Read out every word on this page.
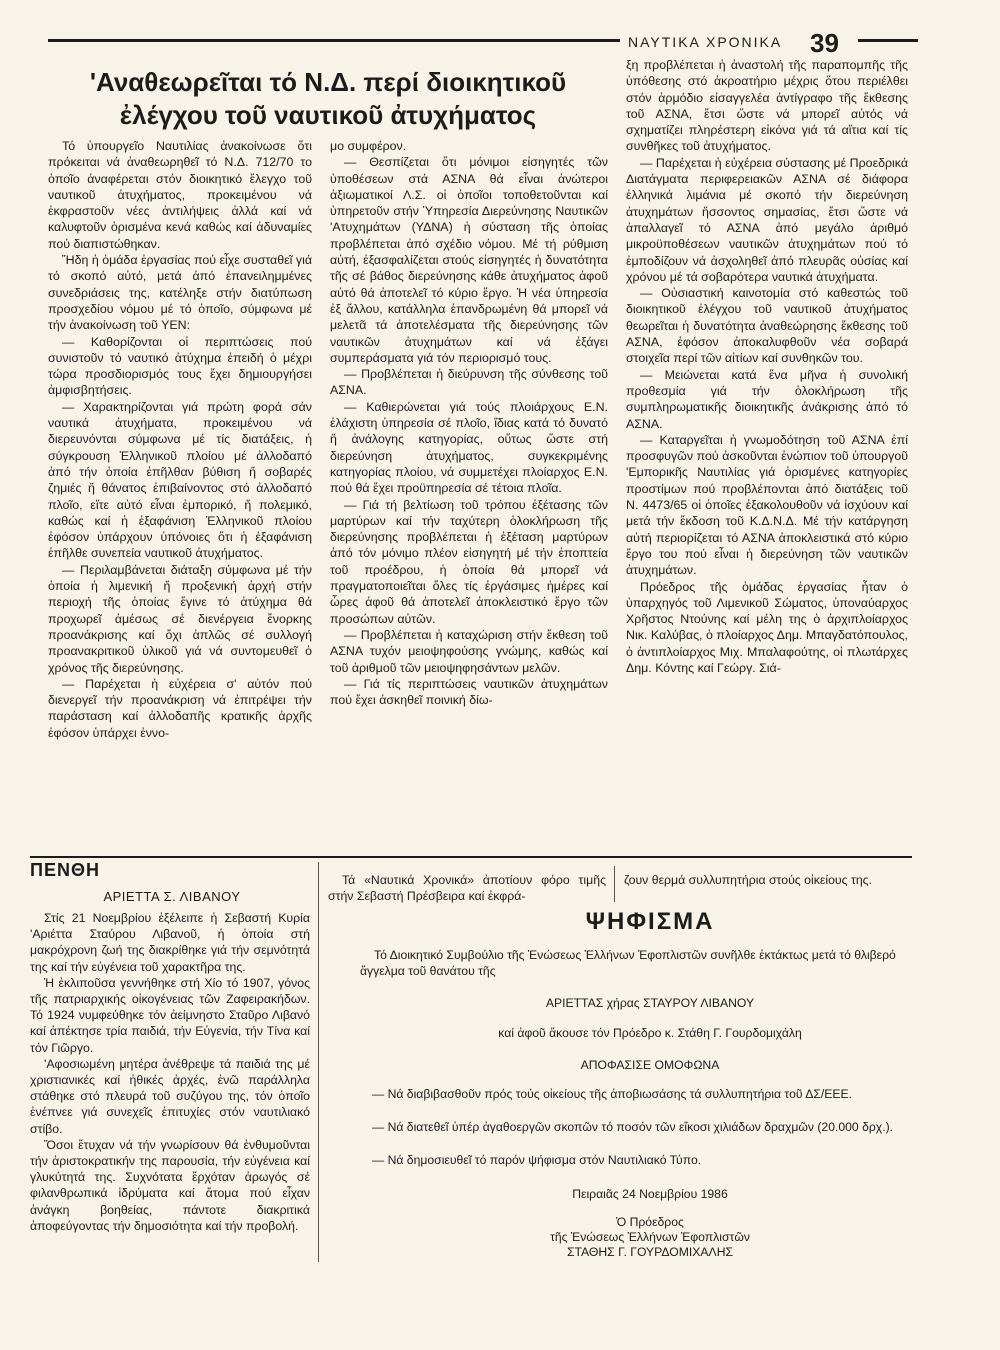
ΝΑΥΤΙΚΑ ΧΡΟΝΙΚΑ 39
'Αναθεωρεῖται τό Ν.Δ. περί διοικητικοῦ
ἐλέγχου τοῦ ναυτικοῦ ἀτυχήματος

Τό ὑπουργεῖο Ναυτιλίας ἀνακοίνωσε ὅτι πρόκειται νά ἀναθεωρηθεῖ τό Ν.Δ. 712/70 το ὁποῖο ἀναφέρεται στόν διοικητικό ἔλεγχο τοῦ ναυτικοῦ ἀτυχήματος, προκειμένου νά ἐκφραστοῦν νέες ἀντιλήψεις ἀλλά καί νά καλυφτοῦν ὁρισμένα κενά καθώς καί ἀδυναμίες πού διαπιστώθηκαν.

Ἤδη ἡ ὁμάδα ἐργασίας πού εἶχε συσταθεῖ γιά τό σκοπό αὐτό, μετά ἀπό ἐπανειλημμένες συνεδριάσεις της, κατέληξε στήν διατύπωση προσχεδίου νόμου μέ τό ὁποῖο, σύμφωνα μέ τήν ἀνακοίνωση τοῦ ΥΕΝ:

— Καθορίζονται οἱ περιπτώσεις πού συνιστοῦν τό ναυτικό ἀτύχημα ἐπειδή ὁ μέχρι τώρα προσδιορισμός τους ἔχει δημιουργήσει ἀμφισβητήσεις.

— Χαρακτηρίζονται γιά πρώτη φορά σάν ναυτικά ἀτυχήματα, προκειμένου νά διερευνόνται σύμφωνα μέ τίς διατάξεις, ἡ σύγκρουση Ἑλληνικοῦ πλοίου μέ ἀλλοδαπό ἀπό τήν ὁποία ἐπῆλθαν βύθιση ἤ σοβαρές ζημιές ἤ θάνατος ἐπιβαίνοντος στό ἀλλοδαπό πλοῖο, εἴτε αὐτό εἶναι ἐμπορικό, ἤ πολεμικό, καθώς καί ἡ ἐξαφάνιση Ἑλληνικοῦ πλοίου ἐφόσον ὑπάρχουν ὑπόνοιες ὅτι ἡ ἐξαφάνιση ἐπῆλθε συνεπεία ναυτικοῦ ἀτυχήματος.

— Περιλαμβάνεται διάταξη σύμφωνα μέ τήν ὁποία ἡ λιμενική ἤ προξενική ἀρχή στήν περιοχή τῆς ὁποίας ἔγινε τό ἀτύχημα θά προχωρεῖ ἀμέσως σέ διενέργεια ἔνορκης προανάκρισης καί ὄχι ἁπλῶς σέ συλλογή προανακριτικοῦ ὑλικοῦ γιά νά συντομευθεῖ ὁ χρόνος τῆς διερεύνησης.

— Παρέχεται ἡ εὐχέρεια σ' αὐτόν πού διενεργεῖ τήν προανάκριση νά ἐπιτρέψει τήν παράσταση καί ἀλλοδαπῆς κρατικῆς ἀρχῆς ἐφόσον ὑπάρχει ἐννο-

μο συμφέρον.

— Θεσπίζεται ὅτι μόνιμοι εἰσηγητές τῶν ὑποθέσεων στά ΑΣΝΑ θά εἶναι ἀνώτεροι ἀξιωματικοί Λ.Σ. οἱ ὁποῖοι τοποθετοῦνται καί ὑπηρετοῦν στήν Ὑπηρεσία Διερεύνησης Ναυτικῶν 'Ατυχημάτων (ΥΔΝΑ) ἡ σύσταση τῆς ὁποίας προβλέπεται ἀπό σχέδιο νόμου. Μέ τή ρύθμιση αὐτή, ἐξασφαλίζεται στούς εἰσηγητές ἡ δυνατότητα τῆς σέ βάθος διερεύνησης κάθε ἀτυχήματος ἀφοῦ αὐτό θά ἀποτελεῖ τό κύριο ἔργο. Ἡ νέα ὑπηρεσία ἐξ ἄλλου, κατάλληλα ἐπανδρωμένη θά μπορεῖ νά μελετᾶ τά ἀποτελέσματα τῆς διερεύνησης τῶν ναυτικῶν ἀτυχημάτων καί νά ἐξάγει συμπεράσματα γιά τόν περιορισμό τους.

— Προβλέπεται ἡ διεύρυνση τῆς σύνθεσης τοῦ ΑΣΝΑ.

— Καθιερώνεται γιά τούς πλοιάρχους Ε.Ν. ἐλάχιστη ὑπηρεσία σέ πλοῖο, ἴδιας κατά τό δυνατό ἤ ἀνάλογης κατηγορίας, οὕτως ὥστε στή διερεύνηση ἀτυχήματος, συγκεκριμένης κατηγορίας πλοίου, νά συμμετέχει πλοίαρχος Ε.Ν. πού θά ἔχει προϋπηρεσία σέ τέτοια πλοῖα.

— Γιά τή βελτίωση τοῦ τρόπου ἐξέτασης τῶν μαρτύρων καί τήν ταχύτερη ὁλοκλήρωση τῆς διερεύνησης προβλέπεται ἡ ἐξέταση μαρτύρων ἀπό τόν μόνιμο πλέον εἰσηγητή μέ τήν ἐποπτεία τοῦ προέδρου, ἡ ὁποία θά μπορεῖ νά πραγματοποιεῖται ὅλες τίς ἐργάσιμες ἡμέρες καί ὧρες ἀφοῦ θά ἀποτελεῖ ἀποκλειστικό ἔργο τῶν προσώπων αὐτῶν.

— Προβλέπεται ἡ καταχώριση στήν ἔκθεση τοῦ ΑΣΝΑ τυχόν μειοψηφούσης γνώμης, καθώς καί τοῦ ἀριθμοῦ τῶν μειοψηφησάντων μελῶν.

— Γιά τίς περιπτώσεις ναυτικῶν ἀτυχημάτων πού ἔχει ἀσκηθεῖ ποινική δίω-

ξη προβλέπεται ἡ ἀναστολή τῆς παραπομπῆς τῆς ὑπόθεσης στό ἀκροατήριο μέχρις ὅτου περιέλθει στόν ἁρμόδιο εἰσαγγελέα ἀντίγραφο τῆς ἔκθεσης τοῦ ΑΣΝΑ, ἔτσι ὥστε νά μπορεῖ αὐτός νά σχηματίζει πληρέστερη εἰκόνα γιά τά αἴτια καί τίς συνθῆκες τοῦ ἀτυχήματος.

— Παρέχεται ἡ εὐχέρεια σύστασης μέ Προεδρικά Διατάγματα περιφερειακῶν ΑΣΝΑ σέ διάφορα ἑλληνικά λιμάνια μέ σκοπό τήν διερεύνηση ἀτυχημάτων ἥσσοντος σημασίας, ἔτσι ὥστε νά ἀπαλλαγεῖ τό ΑΣΝΑ ἀπό μεγάλο ἀριθμό μικροϋποθέσεων ναυτικῶν ἀτυχημάτων πού τό ἐμποδίζουν νά ἀσχοληθεῖ ἀπό πλευρᾶς οὐσίας καί χρόνου μέ τά σοβαρότερα ναυτικά ἀτυχήματα.

— Οὐσιαστική καινοτομία στό καθεστώς τοῦ διοικητικοῦ ἐλέγχου τοῦ ναυτικοῦ ἀτυχήματος θεωρεῖται ἡ δυνατότητα ἀναθεώρησης ἔκθεσης τοῦ ΑΣΝΑ, ἐφόσον ἀποκαλυφθοῦν νέα σοβαρά στοιχεῖα περί τῶν αἰτίων καί συνθηκῶν του.

— Μειώνεται κατά ἕνα μῆνα ἡ συνολική προθεσμία γιά τήν ὁλοκλήρωση τῆς συμπληρωματικῆς διοικητικῆς ἀνάκρισης ἀπό τό ΑΣΝΑ.

— Καταργεῖται ἡ γνωμοδότηση τοῦ ΑΣΝΑ ἐπί προσφυγῶν πού ἀσκοῦνται ἐνώπιον τοῦ ὑπουργοῦ 'Εμπορικῆς Ναυτιλίας γιά ὁρισμένες κατηγορίες προστίμων πού προβλέπονται ἀπό διατάξεις τοῦ Ν. 4473/65 οἱ ὁποῖες ἐξακολουθοῦν νά ἰσχύουν καί μετά τήν ἔκδοση τοῦ Κ.Δ.Ν.Δ. Μέ τήν κατάργηση αὐτή περιορίζεται τό ΑΣΝΑ ἀποκλειστικά στό κύριο ἔργο του πού εἶναι ἡ διερεύνηση τῶν ναυτικῶν ἀτυχημάτων.

Πρόεδρος τῆς ὁμάδας ἐργασίας ἦταν ὁ ὑπαρχηγός τοῦ Λιμενικοῦ Σώματος, ὑποναύαρχος Χρῆστος Ντούνης καί μέλη της ὁ ἀρχιπλοίαρχος Νικ. Καλύβας, ὁ πλοίαρχος Δημ. Μπαγδατόπουλος, ὁ ἀντιπλοίαρχος Μιχ. Μπαλαφούτης, οἱ πλωτάρχες Δημ. Κόντης καί Γεώργ. Σιά-

ΠΕΝΘΗ
ΑΡΙΕΤΤΑ Σ. ΛΙΒΑΝΟΥ

Στίς 21 Νοεμβρίου ἐξέλειπε ἡ Σεβαστή Κυρία 'Αριέττα Σταύρου Λιβανοῦ, ἡ ὁποία στή μακρόχρονη ζωή της διακρίθηκε γιά τήν σεμνότητά της καί τήν εὐγένεια τοῦ χαρακτῆρα της.

Ἡ ἐκλιποῦσα γεννήθηκε στή Χίο τό 1907, γόνος τῆς πατριαρχικής οἰκογένειας τῶν Ζαφειρακήδων. Τό 1924 νυμφεύθηκε τόν ἀείμνηστο Σταῦρο Λιβανό καί ἀπέκτησε τρία παιδιά, τήν Εὐγενία, τήν Τίνα καί τόν Γιῶργο.

'Αφοσιωμένη μητέρα ἀνέθρεψε τά παιδιά της μέ χριστιανικές καί ἠθικές ἀρχές, ἐνῶ παράλληλα στάθηκε στό πλευρά τοῦ συζύγου της, τόν ὁποῖο ἐνέπνεε γιά συνεχεῖς ἐπιτυχίες στόν ναυτιλιακό στίβο.

Ὅσοι ἔτυχαν νά τήν γνωρίσουν θά ἐνθυμοῦνται τήν ἀριστοκρατικήν της παρουσία, τήν εὐγένεια καί γλυκύτητά της. Συχνότατα ἔρχόταν ἀρωγός σέ φιλανθρωπικά ἱδρύματα καί ἄτομα πού εἶχαν ἀνάγκη βοηθείας, πάντοτε διακριτικά ἀποφεύγοντας τήν δημοσιότητα καί τήν προβολή.

Τά «Ναυτικά Χρονικά» ἀποτίουν φόρο τιμῆς στήν Σεβαστή Πρέσβειρα καί ἐκφρά-
ζουν θερμά συλλυπητήρια στούς οἰκείους της.
ΨΗΦΙΣΜΑ
Τό Διοικητικό Συμβούλιο τῆς Ἑνώσεως Ἑλλήνων Ἐφοπλιστῶν συνῆλθε ἐκτάκτως μετά τό θλιβερό ἄγγελμα τοῦ θανάτου τῆς
ΑΡΙΕΤΤΑΣ χήρας ΣΤΑΥΡΟΥ ΛΙΒΑΝΟΥ
καί ἀφοῦ ἄκουσε τόν Πρόεδρο κ. Στάθη Γ. Γουρδομιχάλη
ΑΠΟΦΑΣΙΣΕ ΟΜΟΦΩΝΑ
— Νά διαβιβασθοῦν πρός τούς οἰκείους τῆς ἀποβιωσάσης τά συλλυπητήρια τοῦ ΔΣ/ΕΕΕ.
— Νά διατεθεῖ ὑπέρ ἀγαθοεργῶν σκοπῶν τό ποσόν τῶν εἴκοσι χιλιάδων δραχμῶν (20.000 δρχ.).
— Νά δημοσιευθεῖ τό παρόν ψήφισμα στόν Ναυτιλιακό Τύπο.
Πειραιᾶς 24 Νοεμβρίου 1986
Ὁ Πρόεδρος
τῆς Ἑνώσεως Ἑλλήνων Ἐφοπλιστῶν
ΣΤΑΘΗΣ Γ. ΓΟΥΡΔΟΜΙΧΑΛΗΣ
